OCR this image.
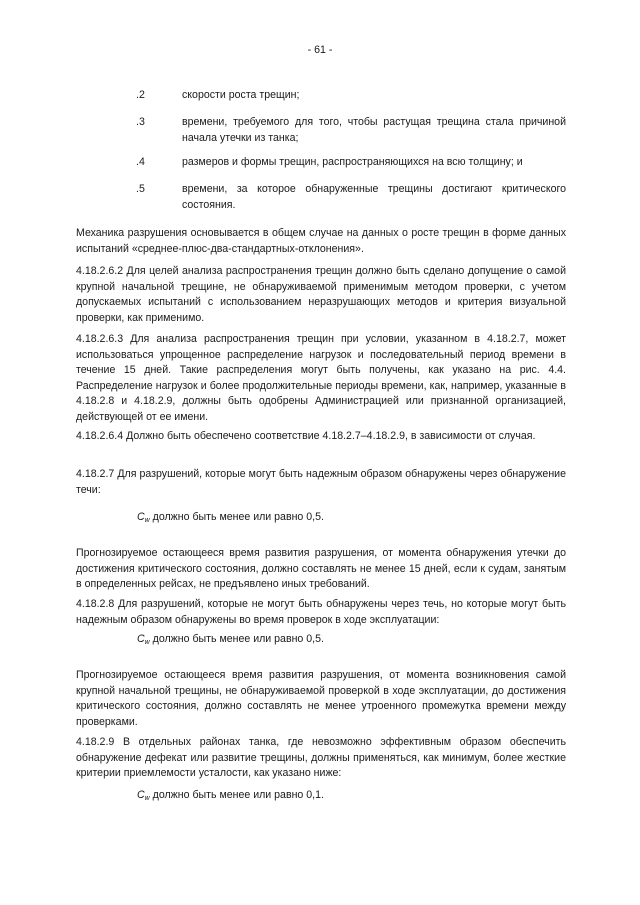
- 61 -
.2	скорости роста трещин;
.3	времени, требуемого для того, чтобы растущая трещина стала причиной начала утечки из танка;
.4	размеров и формы трещин, распространяющихся на всю толщину; и
.5	времени, за которое обнаруженные трещины достигают критического состояния.
Механика разрушения основывается в общем случае на данных о росте трещин в форме данных испытаний «среднее-плюс-два-стандартных-отклонения».
4.18.2.6.2 Для целей анализа распространения трещин должно быть сделано допущение о самой крупной начальной трещине, не обнаруживаемой применимым методом проверки, с учетом допускаемых испытаний с использованием неразрушающих методов и критерия визуальной проверки, как применимо.
4.18.2.6.3 Для анализа распространения трещин при условии, указанном в 4.18.2.7, может использоваться упрощенное распределение нагрузок и последовательный период времени в течение 15 дней. Такие распределения могут быть получены, как указано на рис. 4.4. Распределение нагрузок и более продолжительные периоды времени, как, например, указанные в 4.18.2.8 и 4.18.2.9, должны быть одобрены Администрацией или признанной организацией, действующей от ее имени.
4.18.2.6.4 Должно быть обеспечено соответствие 4.18.2.7–4.18.2.9, в зависимости от случая.
4.18.2.7 Для разрушений, которые могут быть надежным образом обнаружены через обнаружение течи:
$C_w$ должно быть менее или равно 0,5.
Прогнозируемое остающееся время развития разрушения, от момента обнаружения утечки до достижения критического состояния, должно составлять не менее 15 дней, если к судам, занятым в определенных рейсах, не предъявлено иных требований.
4.18.2.8 Для разрушений, которые не могут быть обнаружены через течь, но которые могут быть надежным образом обнаружены во время проверок в ходе эксплуатации:
$C_w$ должно быть менее или равно 0,5.
Прогнозируемое остающееся время развития разрушения, от момента возникновения самой крупной начальной трещины, не обнаруживаемой проверкой в ходе эксплуатации, до достижения критического состояния, должно составлять не менее утроенного промежутка времени между проверками.
4.18.2.9 В отдельных районах танка, где невозможно эффективным образом обеспечить обнаружение дефекат или развитие трещины, должны применяться, как минимум, более жесткие критерии приемлемости усталости, как указано ниже:
$C_w$ должно быть менее или равно 0,1.
